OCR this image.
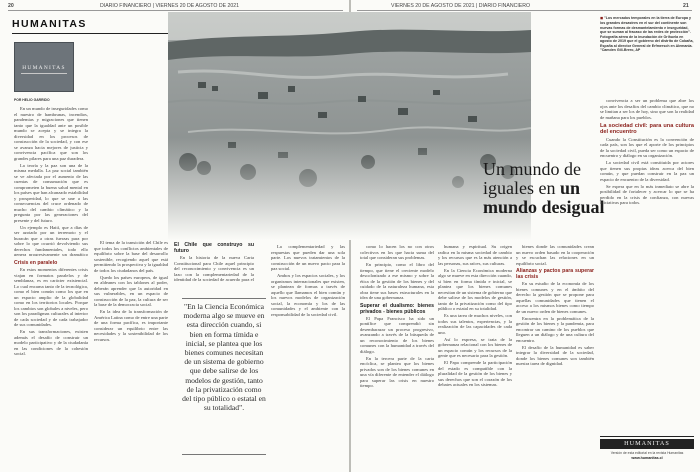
20	DIARIO FINANCIERO | VIERNES 20 DE AGOSTO DE 2021
HUMANITAS
HUMANITAS
POR HELIO GARRIDO

En un mundo de inseguridades como el nuestro de hambrunas, incendios, pandemias y migraciones que tienen tanto que la igualdad ante un posible mundo se acepta y se integra la diversidad en los procesos de construcción de la sociedad, y con ese se avanza hacia mejores de justicia y convivencia pacífica que son los grandes pilares para una paz duradera.

La teoría y la paz son una de la misma medalla. La paz social también se ve afectada por el aumento de las cuentas de consumación que es comprometen la buena salud mental en los países que han alcanzado estabilidad y prosperidad, lo que se une a las consecuencias del cruce ordenado de mucho del cambio climático y la pregunta por las generaciones del presente y del futuro.

Un ejemplo es Haití, que a días de ser azotado por un terremoto y el huracán que a otras fuerzas para por sobre lo que ocurrió devolviendo sus derechos fundamentales, todo ello genera progresivamente un dramático

Crisis en paralelo

En estos momentos diferentes crisis viajan en formatos paralelos y de semblanza, es en carácter existencial. Lo cual encarna tanto de la tecnológica, como el bien común como los que en un espacio amplio de la globalidad como en los territorios locales. Porque los cambios son globales a niveles, pero son los paradigmas culturales al interior de cada sociedad y de cada trabajador de sus comunidades.

En sus transformaciones, existen además el desafío de construir un modelo participativo y de la ciudadanía en las condiciones de la cohesión social.

El tema de la transición del Chile es que todos los conflictos ambientales de equilibrio sobre la base del desarrollo sostenible, recogiendo aquel que está permitiendo la prospectiva y la igualdad de todos los ciudadanos del país.

Quedo los países europeos, de igual en aldeanes con los tablones al poder, deberán aprender que la autoridad en sus vulnerables, en un espacio de construcción de la paz, la cultura de ser la base de la democracia social.

En la idea de la transformación de América Latina como de entre una parte de una forma pacífica, es importante considerar un equilibrio entre las necesidades y la sostenibilidad de los recursos.

El Chile que construyo su futuro

En la historia de la nueva Carta Constitucional para Chile aquel principio del reconocimiento y convivencia es un lazo con la complementariedad de la identidad de la sociedad de acuerdo para el

"En la Ciencia Económica moderna algo se mueve en esta dirección cuando, si bien en forma tímida e inicial, se plantea que los bienes comunes necesitan de un sistema de gobierno que debe salirse de los modelos de gestión, tanto de la privatización como del tipo público o estatal en su totalidad".

La complementariedad y las respuestas que pueden dar una sola parte. Los nuevos tratamientos de la construcción de un nuevo pacto para la paz social.

Ambos y los espacios sociales, y los organismos internacionales que existen, se plantean de formas a través de aquello que llamamos el bien común y los nuevos modelos de organización social, la economía y los de las comunidades y el ambiente con la responsabilidad de la sociedad civil.

VIERNES 20 DE AGOSTO DE 2021 | DIARIO FINANCIERO	21
Un mundo de
iguales en un
mundo desigual
■ "Los mercados temporales en la tierra de Europa y los grandes desastres en el sur del continente son nuevas formas de desmantelamiento e inseguridad, que se suman al fracaso de las redes de protección". Fotografía aérea de la inundación de Orihuela en agosto de 2019 que el gobierno del distrito de Cobaña, España al director General de Erfmersch en Alemania. "Camden Gill-Brero, AP

como lo hacen los no con otros colectivos en los que hacia suma del total que consideran sus problemas.

En principio, como el libro del tiempo, que tiene el creciente modelo descolonizado a ese mismo y sobre la ética de la gestión de los bienes y del cuidado de la naturaleza humana, esta obra tiene sus bases estructurales en la idea de una gobernanza.

Superar el dualismo: bienes privados - bienes públicos

El Papa Francisco ha sido un pontífice que comprendió sin desembarazar un proceso progresivo, avanzando a través de la búsqueda de un reconocimiento de los bienes comunes con la humanidad a través del diálogo.

En la tercera parte de la carta encíclica, se plantea que los bienes privados son de los bienes comunes en una vía diferente de entender el diálogo para superar las crisis en nuestro tiempo.

humana y espiritual. Su origen radica en la misma sociedad de cambio y los recursos que es la más atención a las personas, sus raíces, sus culturas.

En la Ciencia Económica moderna algo se mueve en esta dirección cuando, si bien en forma tímida e inicial, se plantea que los bienes comunes necesitan de un sistema de gobierno que debe salirse de los modelos de gestión, tanto de la privatización como del tipo público o estatal en su totalidad.

Es una tarea de muchos niveles, con todos sus talentos, experiencias, y la realización de las capacidades de cada uno.

Así lo expresa, se trata de la gobernanza relacional con los bienes de un espacio común y los recursos de la gente que es necesario para la gestión.

El Papa comprende la participación del estado es compatible con la pluralidad de la gestión de los bienes y sus derechos que son el corazón de los debates actuales en los sistemas.

bienes donde las comunidades crean un nuevo orden basado en la cooperación y se escuchan las relaciones en un equilibrio social.

Alianzas y pactos para superar las crisis

En su estudio de la economía de los bienes comunes y en el ámbito del derecho la gestión que se propone para aquellas comunidades que tienen el acceso a los mismos bienes como tiempo de un nuevo orden de bienes comunes.

Encuentra en la problemática de la gestión de los bienes y la pandemia, para encontrar un camino de los pueblos que lleguen a un diálogo y de una cultura del encuentro.

El desafío de la humanidad es saber integrar la diversidad de la sociedad, donde los bienes comunes son también nuestra tarea de dignidad.

convivencia a ser un problema que abre los ojos ante los desafíos del cambio climático, que no se limitan a ser los de hoy, sino que son la realidad de mañana para los pueblos.

La sociedad civil: para una cultura del encuentro

Cuando la Constitución es la convención de cada país, son los que el aporte de los principios de la sociedad civil, pueda ser como un espacio de encuentro y diálogo en su organización.

La sociedad civil está constituida por actores que tienen sus propias ideas acerca del bien común, y que puedan construir en la paz un espacio de encuentro de la diversidad.

Se espera que en lo más inmediato se abre la posibilidad de fortalecer y acercar lo que se ha perdido en la crisis de confianza, con nuevas iniciativas para todos.

HUMANITAS
Versión de esta editorial en la revista Humanitas
www.humanitas.cl
